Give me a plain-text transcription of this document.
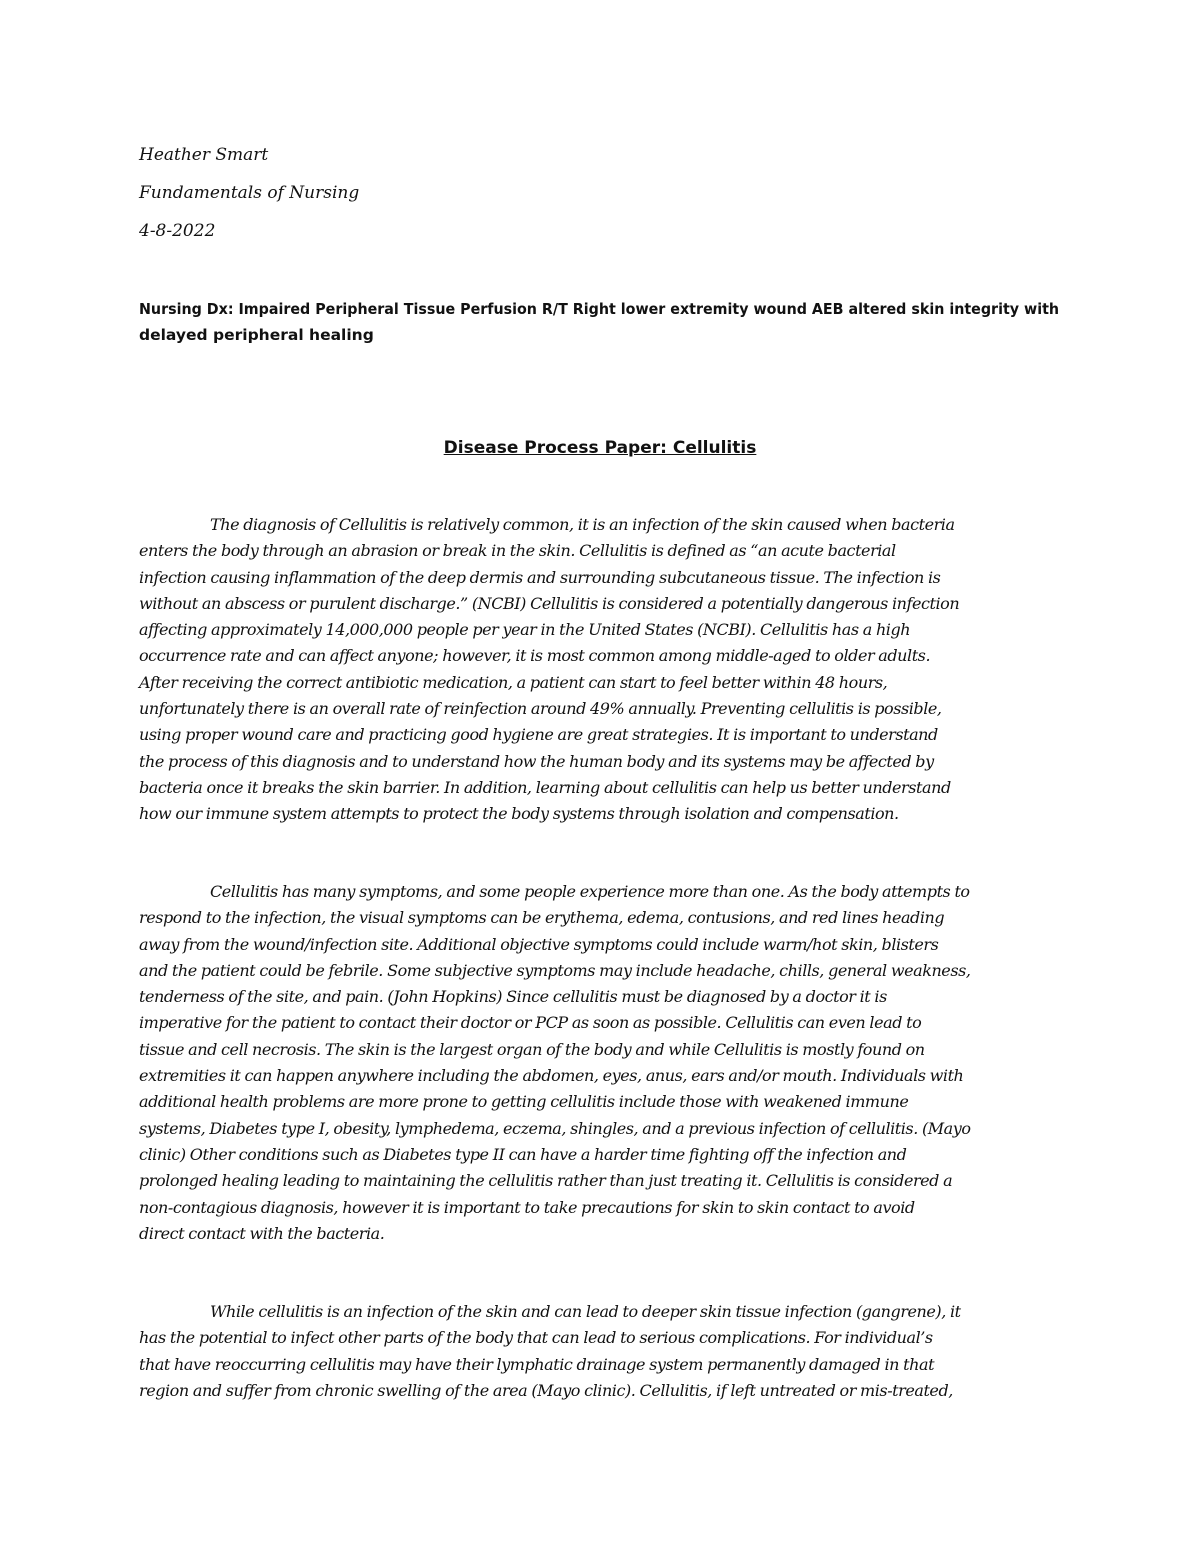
Heather Smart
Fundamentals of Nursing
4-8-2022
Nursing Dx: Impaired Peripheral Tissue Perfusion R/T Right lower extremity wound AEB altered skin integrity with
delayed peripheral healing
Disease Process Paper: Cellulitis
The diagnosis of Cellulitis is relatively common, it is an infection of the skin caused when bacteria
enters the body through an abrasion or break in the skin. Cellulitis is defined as “an acute bacterial
infection causing inflammation of the deep dermis and surrounding subcutaneous tissue. The infection is
without an abscess or purulent discharge.” (NCBI) Cellulitis is considered a potentially dangerous infection
affecting approximately 14,000,000 people per year in the United States (NCBI). Cellulitis has a high
occurrence rate and can affect anyone; however, it is most common among middle-aged to older adults.
After receiving the correct antibiotic medication, a patient can start to feel better within 48 hours,
unfortunately there is an overall rate of reinfection around 49% annually. Preventing cellulitis is possible,
using proper wound care and practicing good hygiene are great strategies. It is important to understand
the process of this diagnosis and to understand how the human body and its systems may be affected by
bacteria once it breaks the skin barrier. In addition, learning about cellulitis can help us better understand
how our immune system attempts to protect the body systems through isolation and compensation.
Cellulitis has many symptoms, and some people experience more than one. As the body attempts to
respond to the infection, the visual symptoms can be erythema, edema, contusions, and red lines heading
away from the wound/infection site. Additional objective symptoms could include warm/hot skin, blisters
and the patient could be febrile. Some subjective symptoms may include headache, chills, general weakness,
tenderness of the site, and pain. (John Hopkins) Since cellulitis must be diagnosed by a doctor it is
imperative for the patient to contact their doctor or PCP as soon as possible. Cellulitis can even lead to
tissue and cell necrosis. The skin is the largest organ of the body and while Cellulitis is mostly found on
extremities it can happen anywhere including the abdomen, eyes, anus, ears and/or mouth. Individuals with
additional health problems are more prone to getting cellulitis include those with weakened immune
systems, Diabetes type I, obesity, lymphedema, eczema, shingles, and a previous infection of cellulitis. (Mayo
clinic) Other conditions such as Diabetes type II can have a harder time fighting off the infection and
prolonged healing leading to maintaining the cellulitis rather than just treating it. Cellulitis is considered a
non-contagious diagnosis, however it is important to take precautions for skin to skin contact to avoid
direct contact with the bacteria.
While cellulitis is an infection of the skin and can lead to deeper skin tissue infection (gangrene), it
has the potential to infect other parts of the body that can lead to serious complications. For individual’s
that have reoccurring cellulitis may have their lymphatic drainage system permanently damaged in that
region and suffer from chronic swelling of the area (Mayo clinic). Cellulitis, if left untreated or mis-treated,
